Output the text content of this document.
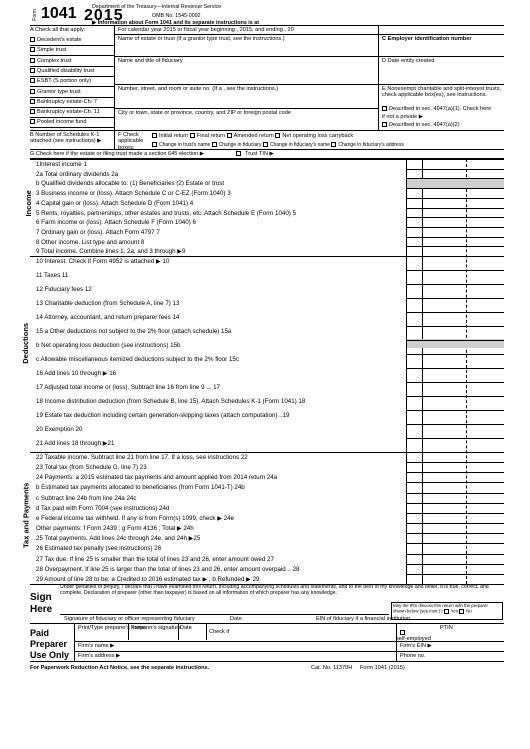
Form 1041 2015
Department of the Treasury—Internal Revenue Service
OMB No. 1545-0092
▶ Information about Form 1041 and its separate instructions is at
For calendar year 2015 or fiscal year beginning , 2015, and ending , 20
A Check all that apply:
Decedent's estate
Simple trust
Complex trust
Qualified disability trust
ESBT (S portion only)
Grantor type trust
Bankruptcy estate-Ch. 7
Bankruptcy estate-Ch. 11
Pooled income fund
Name of estate or trust (If a grantor type trust, see the instructions.)
Name and title of fiduciary
Number, street, and room or suite no. (If a , see the instructions.)
City or town, state or province, country, and ZIP or foreign postal code
C Employer identification number
D Date entity created
E Nonexempt charitable and split-interest trusts, check applicable box(es), see instructions.
Described in sec. 4947(a)(1). Check here
if not a private ▶
Described in sec. 4947(a)(2)
B Number of Schedules K-1 attached (see instructions) ▶
F Check applicable boxes:
Initial return Final return Amended return Net operating loss carryback
Change in trust's name Change in fiduciary Change in fiduciary's name Change in fiduciary's address
G Check here if the estate or filing trust made a section 645 election ▶	Trust TIN ▶
Income
Deductions
Tax and Payments
1Interest income 1
2a Total ordinary dividends 2a
b Qualified dividends allocable to: (1) Beneficiaries (2) Estate or trust
3 Business income or (loss). Attach Schedule C or C-EZ (Form 1040) 3
4 Capital gain or (loss). Attach Schedule D (Form 1041) 4
5 Rents, royalties, partnerships, other estates and trusts, etc. Attach Schedule E (Form 1040) 5
6 Farm income or (loss). Attach Schedule F (Form 1040) 6
7 Ordinary gain or (loss). Attach Form 4797 7
8 Other income. List type and amount 8
9 Total income. Combine lines 1, 2a, and 3 through ▶9
10 Interest. Check if Form 4952 is attached ▶ 10
11 Taxes 11
12 Fiduciary fees 12
13 Charitable deduction (from Schedule A, line 7) 13
14 Attorney, accountant, and return preparer fees 14
15 a Other deductions not subject to the 2% floor (attach schedule) 15a
b Net operating loss deduction (see instructions) 15b
c Allowable miscellaneous itemized deductions subject to the 2% floor 15c
16 Add lines 10 through ▶ 16
17 Adjusted total income or (loss). Subtract line 16 from line 9 ... 17
18 Income distribution deduction (from Schedule B, line 15). Attach Schedules K-1 (Form 1041) 18
19 Estate tax deduction including certain generation-skipping taxes (attach computation) ..19
20 Exemption 20
21 Add lines 18 through ▶21
22 Taxable income. Subtract line 21 from line 17. If a loss, see instructions 22
23 Total tax (from Schedule G, line 7) 23
24 Payments: a 2015 estimated tax payments and amount applied from 2014 return 24a
b Estimated tax payments allocated to beneficiaries (from Form 1041-T) 24b
c Subtract line 24b from line 24a 24c
d Tax paid with Form 7004 (see instructions) 24d
e Federal income tax withheld. If any is from Form(s) 1099, check ▶ 24e
Other payments: f Form 2439 ; g Form 4136 ; Total ▶ 24h
25 Total payments. Add lines 24c through 24e, and 24h ▶25
26 Estimated tax penalty (see instructions) 26
27 Tax due. If line 25 is smaller than the total of lines 23 and 26, enter amount owed 27
28 Overpayment. If line 25 is larger than the total of lines 23 and 26, enter amount overpaid .. 28
29 Amount of line 28 to be: a Credited to 2016 estimated tax ▶ ; b Refunded ▶ 29
Sign
Here
Under penalties of perjury, I declare that I have examined this return, including accompanying schedules and statements, and to the best of my knowledge and belief, it is true, correct, and complete. Declaration of preparer (other than taxpayer) is based on all information of which preparer has any knowledge.
Signature of fiduciary or officer representing fiduciary	Date	EIN of fiduciary if a financial institution
May the IRS discuss this return with the preparer shown below (see instr.)? Yes No
Paid
Preparer
Use Only
Print/Type preparer's name
Preparer's signature
Date
Check if
self-employed
PTIN
Firm's name ▶	Firm's EIN ▶
Firm's address ▶	Phone no.
For Paperwork Reduction Act Notice, see the separate instructions.	Cat. No. 11370H Form 1041 (2015)
